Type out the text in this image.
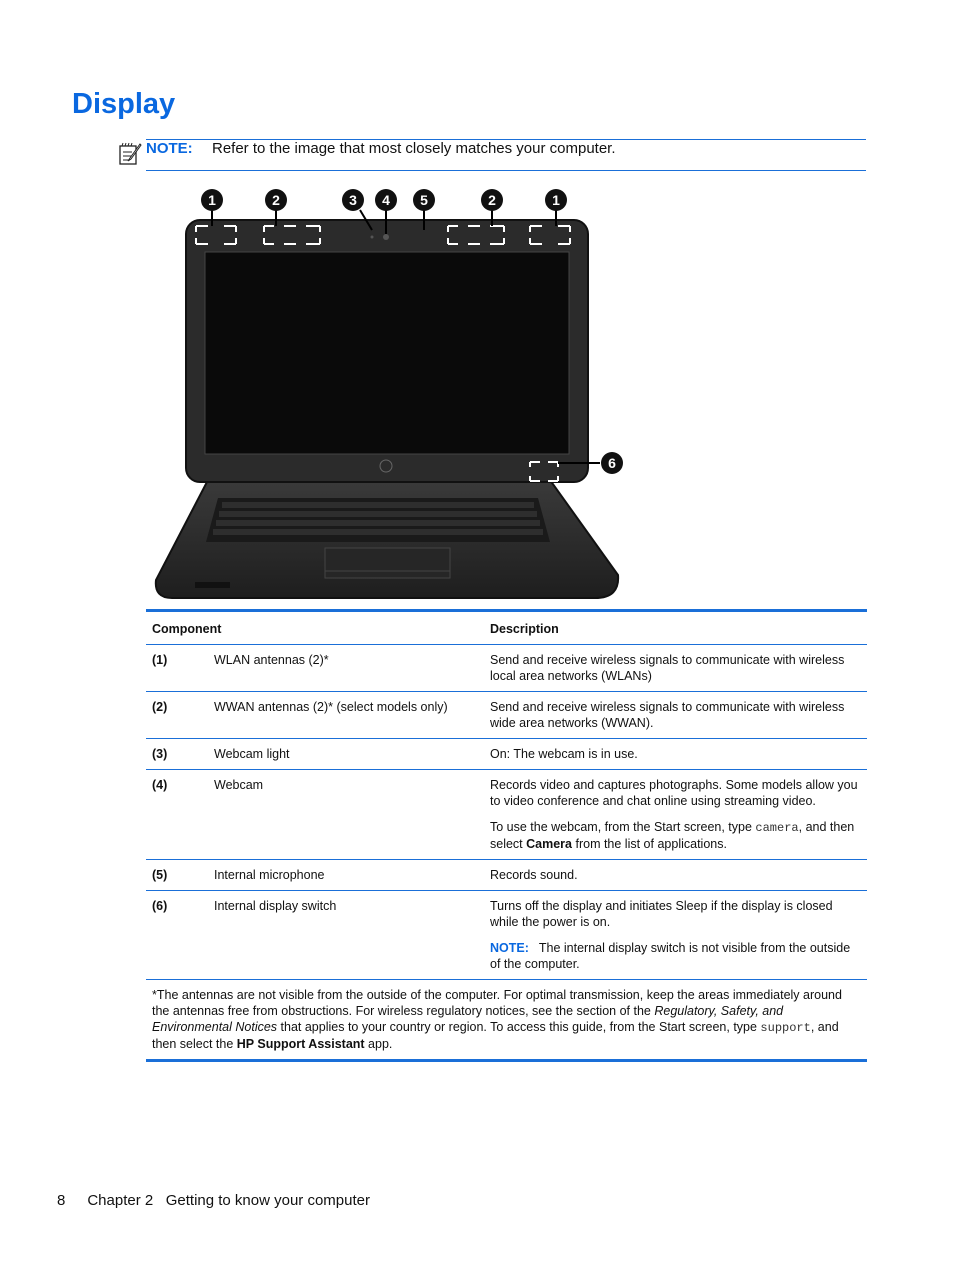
Display
NOTE: Refer to the image that most closely matches your computer.
1	2	3 4 5	2	1
6
Component		Description
(1)	WLAN antennas (2)*	Send and receive wireless signals to communicate with wireless local area networks (WLANs)

(2)	WWAN antennas (2)* (select models only)	Send and receive wireless signals to communicate with wireless wide area networks (WWAN).

(3)	Webcam light	On: The webcam is in use.

(4)	Webcam	Records video and captures photographs. Some models allow you to video conference and chat online using streaming video.

To use the webcam, from the Start screen, type camera, and then select Camera from the list of applications.

(5)	Internal microphone	Records sound.

(6)	Internal display switch	Turns off the display and initiates Sleep if the display is closed while the power is on.

NOTE: The internal display switch is not visible from the outside of the computer.

*The antennas are not visible from the outside of the computer. For optimal transmission, keep the areas immediately around the antennas free from obstructions. For wireless regulatory notices, see the section of the Regulatory, Safety, and Environmental Notices that applies to your country or region. To access this guide, from the Start screen, type support, and then select the HP Support Assistant app.		
8 Chapter 2   Getting to know your computer
